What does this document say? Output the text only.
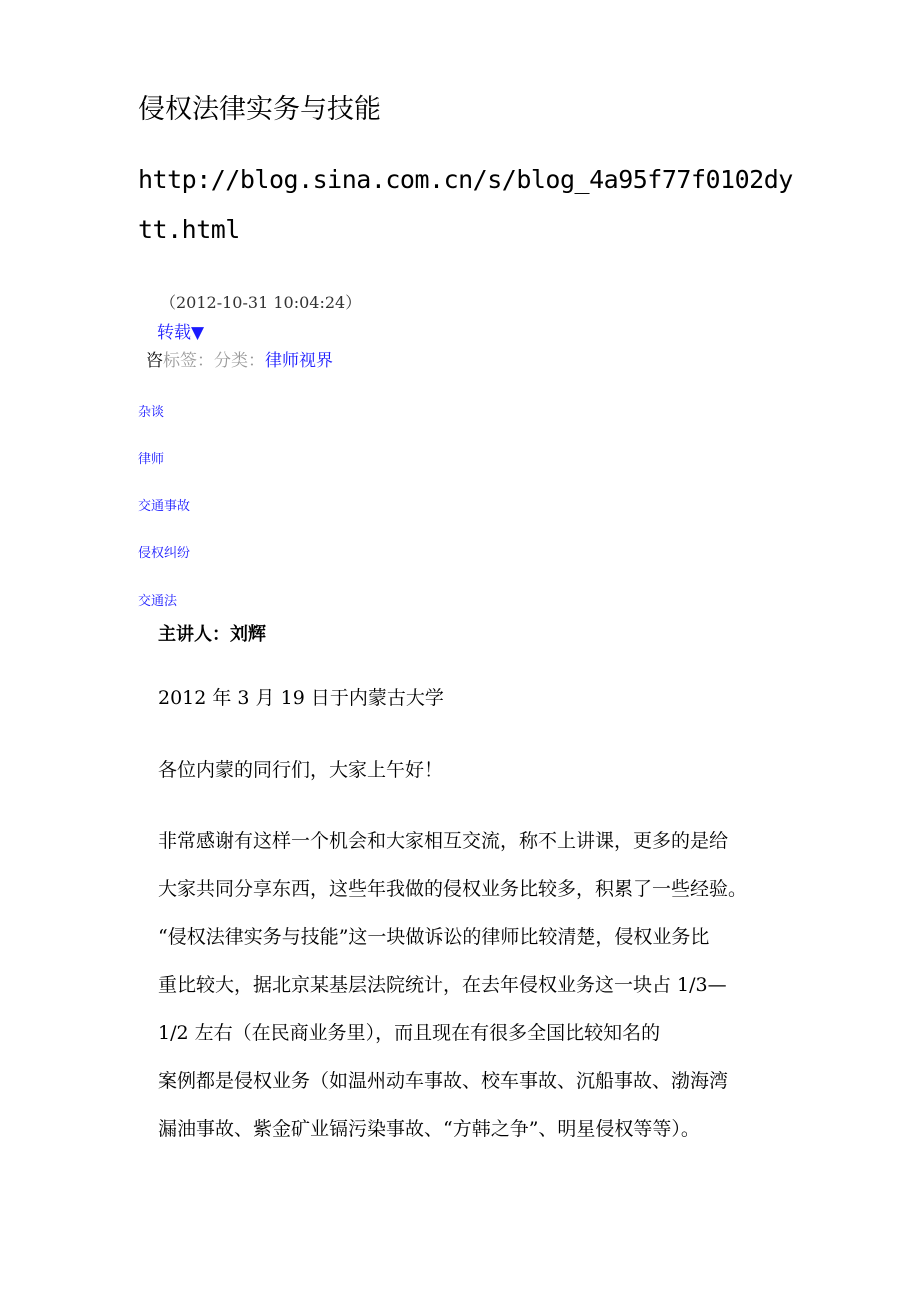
侵权法律实务与技能
http://blog.sina.com.cn/s/blog_4a95f77f0102dy
tt.html
（2012-10-31 10:04:24）
转载▼
咨标签：分类：律师视界
杂谈
律师
交通事故
侵权纠纷
交通法
主讲人：刘辉
2012 年 3 月 19 日于内蒙古大学
各位内蒙的同行们，大家上午好！
非常感谢有这样一个机会和大家相互交流，称不上讲课，更多的是给
大家共同分享东西，这些年我做的侵权业务比较多，积累了一些经验。
“侵权法律实务与技能”这一块做诉讼的律师比较清楚，侵权业务比
重比较大，据北京某基层法院统计，在去年侵权业务这一块占 1/3—
1/2 左右（在民商业务里），而且现在有很多全国比较知名的
案例都是侵权业务（如温州动车事故、校车事故、沉船事故、渤海湾
漏油事故、紫金矿业镉污染事故、“方韩之争”、明星侵权等等）。
